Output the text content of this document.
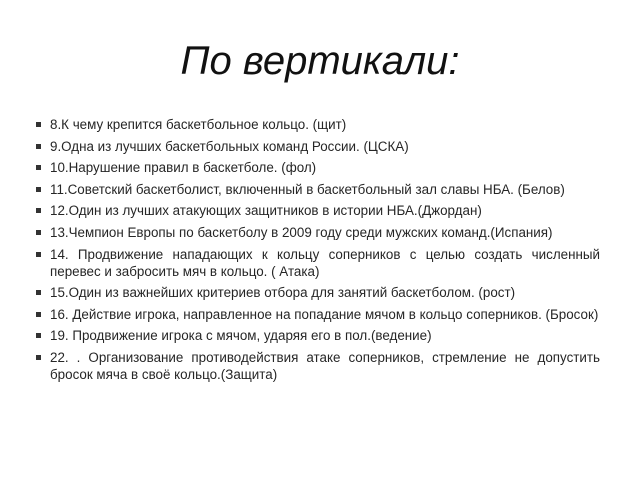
По вертикали:
8.К чему крепится баскетбольное кольцо. (щит)
9.Одна из лучших баскетбольных команд России. (ЦСКА)
10.Нарушение правил в баскетболе. (фол)
11.Советский баскетболист, включенный в баскетбольный зал славы НБА. (Белов)
12.Один из лучших атакующих защитников в истории НБА.(Джордан)
13.Чемпион Европы по баскетболу в 2009 году среди мужских команд.(Испания)
14. Продвижение нападающих к кольцу соперников с целью создать численный перевес и забросить мяч в кольцо. ( Атака)
15.Один из важнейших критериев отбора для занятий баскетболом. (рост)
16. Действие игрока, направленное на попадание мячом в кольцо соперников. (Бросок)
19. Продвижение игрока с мячом, ударяя его в пол.(ведение)
22. . Организование противодействия атаке соперников, стремление не допустить бросок мяча в своё кольцо.(Защита)
